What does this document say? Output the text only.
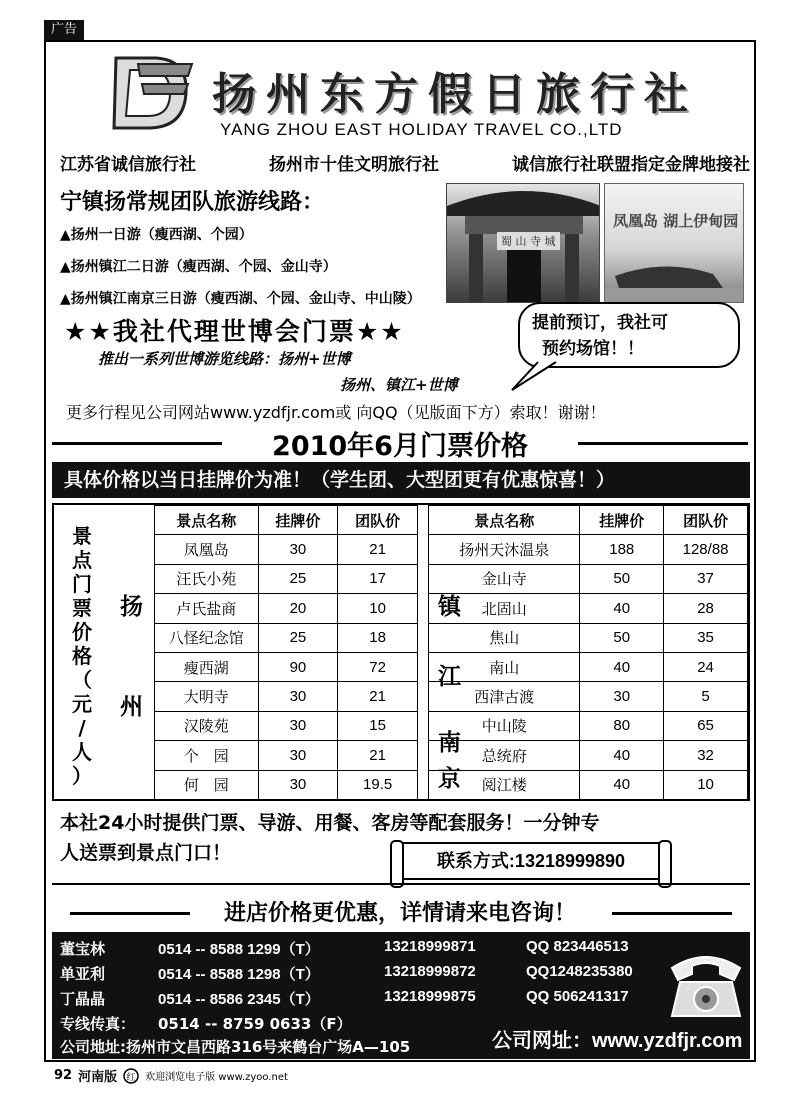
广告
扬州东方假日旅行社
YANG ZHOU EAST HOLIDAY TRAVEL CO.,LTD
江苏省诚信旅行社	扬州市十佳文明旅行社	诚信旅行社联盟指定金牌地接社
宁镇扬常规团队旅游线路：
▲扬州一日游（瘦西湖、个园）
▲扬州镇江二日游（瘦西湖、个园、金山寺）
▲扬州镇江南京三日游（瘦西湖、个园、金山寺、中山陵）
蜀 山 寺 城
凤凰岛 湖上伊甸园
★★我社代理世博会门票★★
推出一系列世博游览线路：扬州+世博
扬州、镇江+世博
提前预订，我社可
预约场馆！！
更多行程见公司网站www.yzdfjr.com或 向QQ（见版面下方）索取！谢谢！
2010年6月门票价格
具体价格以当日挂牌价为准！（学生团、大型团更有优惠惊喜！）
景
点
门
票
价
格
（
元
/
人
）
扬
州
镇
江
南
京
景点名称	挂牌价	团队价
凤凰岛	30	21
汪氏小苑	25	17
卢氏盐商	20	10
八怪纪念馆	25	18
瘦西湖	90	72
大明寺	30	21
汉陵苑	30	15
个　园	30	21
何　园	30	19.5
景点名称	挂牌价	团队价
扬州天沐温泉	188	128/88
金山寺	50	37
北固山	40	28
焦山	50	35
南山	40	24
西津古渡	30	5
中山陵	80	65
总统府	40	32
阅江楼	40	10
本社24小时提供门票、导游、用餐、客房等配套服务！一分钟专
人送票到景点门口！	联系方式:13218999890
进店价格更优惠，详情请来电咨询！
董宝林	0514 -- 8588 1299（T）	13218999871	QQ 823446513
单亚利	0514 -- 8588 1298（T）	13218999872	QQ1248235380
丁晶晶	0514 -- 8586 2345（T）	13218999875	QQ 506241317
专线传真：	0514 -- 8759 0633（F）
公司地址:扬州市文昌西路316号来鹤台广场A—105	公司网址：www.yzdfjr.com
92 河南版 红 欢迎浏览电子版 www.zyoo.net
